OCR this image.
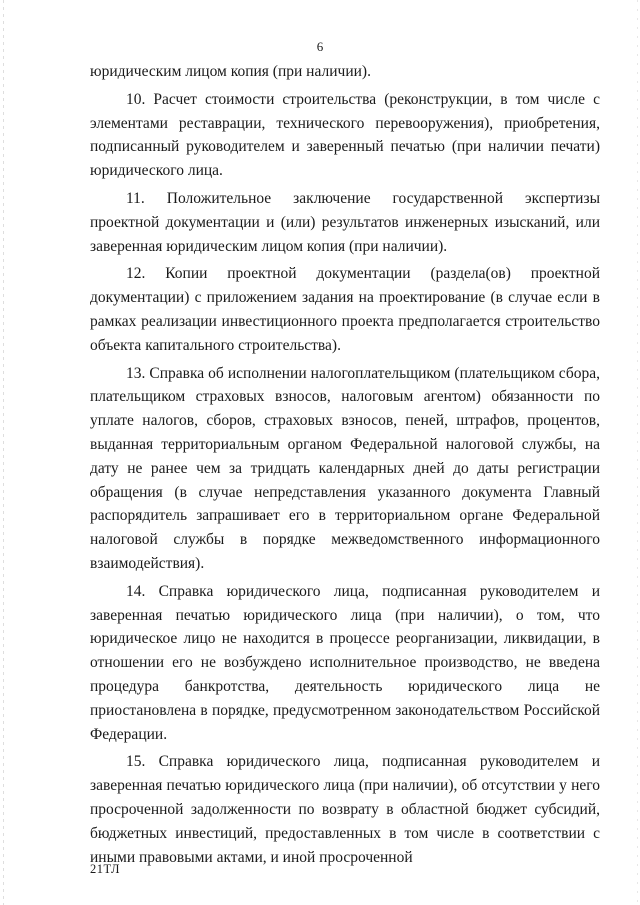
6

юридическим лицом копия (при наличии).

10. Расчет стоимости строительства (реконструкции, в том числе с элементами реставрации, технического перевооружения), приобретения, подписанный руководителем и заверенный печатью (при наличии печати) юридического лица.

11. Положительное заключение государственной экспертизы проектной документации и (или) результатов инженерных изысканий, или заверенная юридическим лицом копия (при наличии).

12. Копии проектной документации (раздела(ов) проектной документации) с приложением задания на проектирование (в случае если в рамках реализации инвестиционного проекта предполагается строительство объекта капитального строительства).

13. Справка об исполнении налогоплательщиком (плательщиком сбора, плательщиком страховых взносов, налоговым агентом) обязанности по уплате налогов, сборов, страховых взносов, пеней, штрафов, процентов, выданная территориальным органом Федеральной налоговой службы, на дату не ранее чем за тридцать календарных дней до даты регистрации обращения (в случае непредставления указанного документа Главный распорядитель запрашивает его в территориальном органе Федеральной налоговой службы в порядке межведомственного информационного взаимодействия).

14. Справка юридического лица, подписанная руководителем и заверенная печатью юридического лица (при наличии), о том, что юридическое лицо не находится в процессе реорганизации, ликвидации, в отношении его не возбуждено исполнительное производство, не введена процедура банкротства, деятельность юридического лица не приостановлена в порядке, предусмотренном законодательством Российской Федерации.

15. Справка юридического лица, подписанная руководителем и заверенная печатью юридического лица (при наличии), об отсутствии у него просроченной задолженности по возврату в областной бюджет субсидий, бюджетных инвестиций, предоставленных в том числе в соответствии с иными правовыми актами, и иной просроченной

21ТЛ
